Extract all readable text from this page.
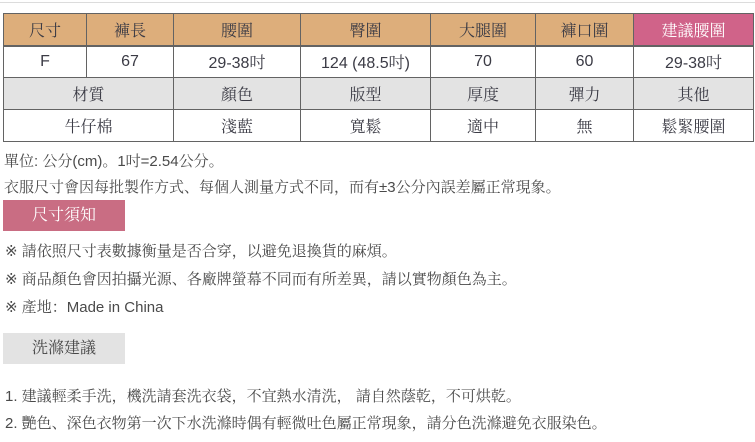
尺寸	褲長	腰圍	臀圍	大腿圍	褲口圍	建議腰圍
F	67	29-38吋	124 (48.5吋)	70	60	29-38吋
材質		顏色	版型	厚度	彈力	其他
牛仔棉		淺藍	寬鬆	適中	無	鬆緊腰圍

單位: 公分(cm)。1吋=2.54公分。

衣服尺寸會因每批製作方式、每個人測量方式不同，而有±3公分內誤差屬正常現象。

尺寸須知

※ 請依照尺寸表數據衡量是否合穿，以避免退換貨的麻煩。

※ 商品顏色會因拍攝光源、各廠牌螢幕不同而有所差異，請以實物顏色為主。

※ 產地：Made in China

洗滌建議

1. 建議輕柔手洗，機洗請套洗衣袋，不宜熱水清洗， 請自然蔭乾，不可烘乾。

2. 艷色、深色衣物第一次下水洗滌時偶有輕微吐色屬正常現象，請分色洗滌避免衣服染色。
